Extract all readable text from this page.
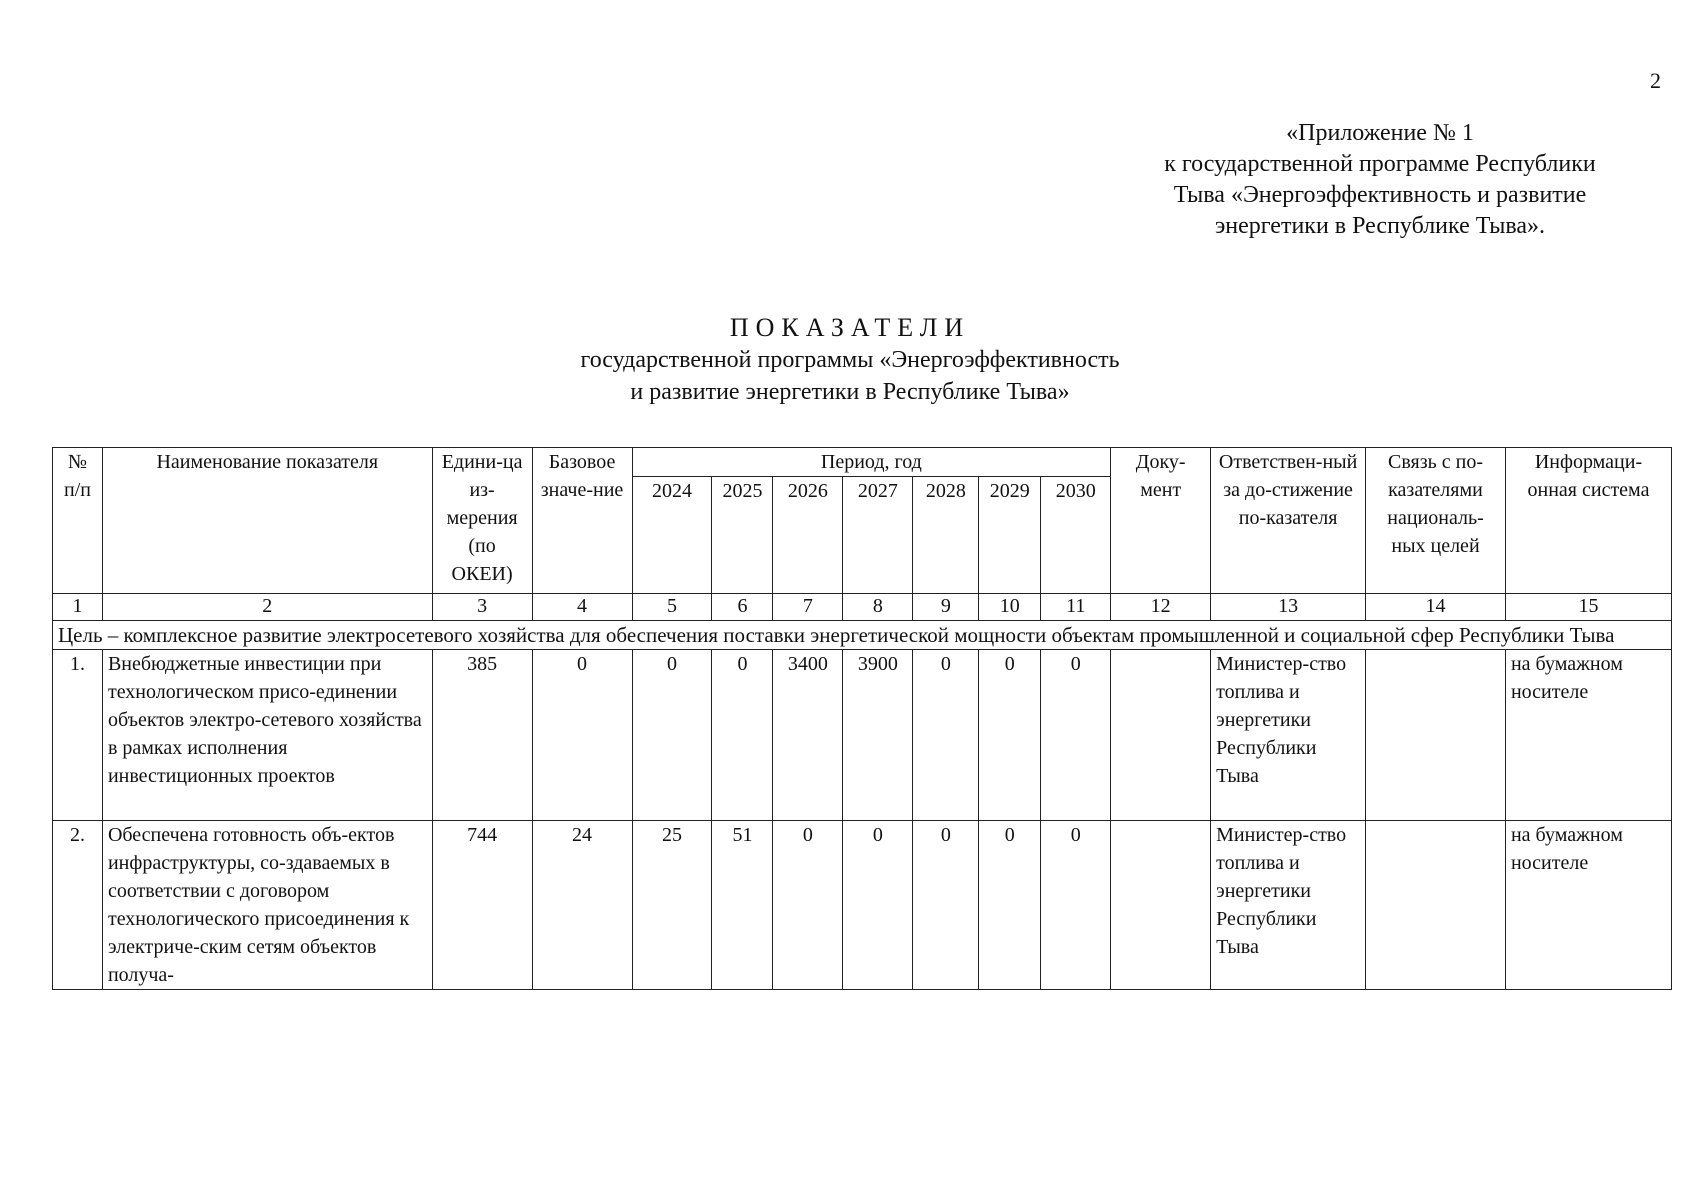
2
«Приложение № 1
к государственной программе Республики
Тыва «Энергоэффективность и развитие
энергетики в Республике Тыва».
ПОКАЗАТЕЛИ
государственной программы «Энергоэффективность
и развитие энергетики в Республике Тыва»
№ п/п	Наименование показателя	Едини-ца из-мерения (по ОКЕИ)	Базовое значе-ние	Период, год							Доку-мент	Ответствен-ный за до-стижение по-казателя	Связь с по-казателями националь-ных целей	Информаци-онная система
				2024	2025	2026	2027	2028	2029	2030				
1	2	3	4	5	6	7	8	9	10	11	12	13	14	15
Цель – комплексное развитие электросетевого хозяйства для обеспечения поставки энергетической мощности объектам промышленной и социальной сфер Республики Тыва														
1.	Внебюджетные инвестиции при технологическом присо-единении объектов электро-сетевого хозяйства в рамках исполнения инвестиционных проектов	385	0	0	0	3400	3900	0	0	0		Министер-ство топлива и энергетики Республики Тыва		на бумажном носителе
2.	Обеспечена готовность объ-ектов инфраструктуры, со-здаваемых в соответствии с договором технологического присоединения к электриче-ским сетям объектов получа-	744	24	25	51	0	0	0	0	0		Министер-ство топлива и энергетики Республики Тыва		на бумажном носителе
